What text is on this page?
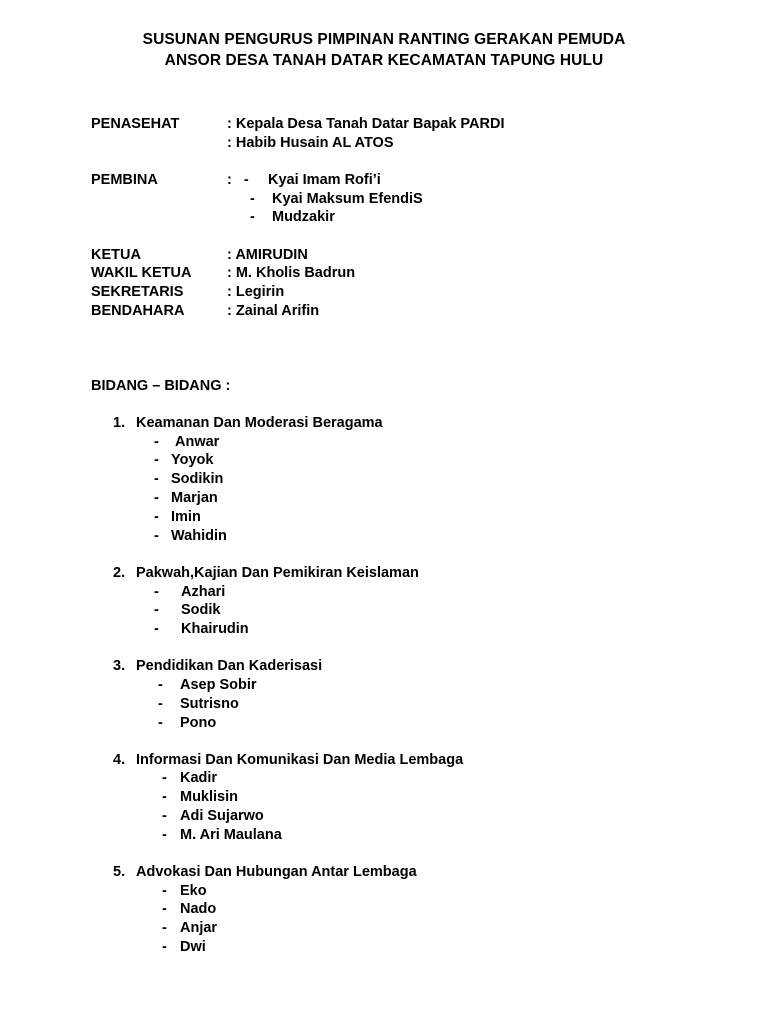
SUSUNAN PENGURUS PIMPINAN RANTING GERAKAN PEMUDA
ANSOR DESA TANAH DATAR KECAMATAN TAPUNG HULU
PENASEHAT	: Kepala Desa Tanah Datar Bapak PARDI
: Habib Husain AL ATOS
PEMBINA	:   - Kyai Imam Rofi’i
- Kyai Maksum EfendiS
- Mudzakir
KETUA	: AMIRUDIN
WAKIL KETUA : M. Kholis Badrun
SEKRETARIS	: Legirin
BENDAHARA	: Zainal Arifin
BIDANG – BIDANG :
1. Keamanan Dan Moderasi Beragama
- Anwar
- Yoyok
- Sodikin
- Marjan
- Imin
- Wahidin
2. Pakwah,Kajian Dan Pemikiran Keislaman
- Azhari
- Sodik
- Khairudin
3. Pendidikan Dan Kaderisasi
- Asep Sobir
- Sutrisno
- Pono
4. Informasi Dan Komunikasi Dan Media Lembaga
- Kadir
- Muklisin
- Adi Sujarwo
- M. Ari Maulana
5. Advokasi Dan Hubungan Antar Lembaga
- Eko
- Nado
- Anjar
- Dwi
